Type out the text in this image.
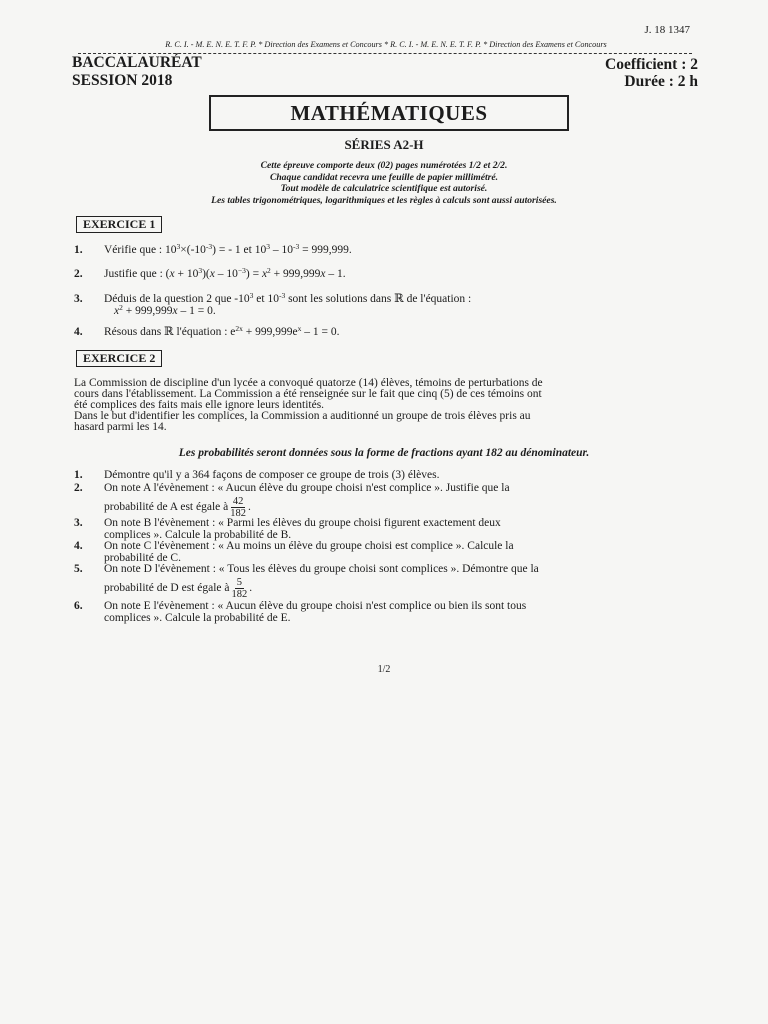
J. 18 1347
R. C. I. - M. E. N. E. T. F. P. * Direction des Examens et Concours * R. C. I. - M. E. N. E. T. F. P. * Direction des Examens et Concours
BACCALAURÉAT
SESSION 2018
Coefficient : 2
Durée : 2 h
MATHÉMATIQUES
SÉRIES A2-H
Cette épreuve comporte deux (02) pages numérotées 1/2 et 2/2.
Chaque candidat recevra une feuille de papier millimétré.
Tout modèle de calculatrice scientifique est autorisé.
Les tables trigonométriques, logarithmiques et les règles à calculs sont aussi autorisées.
EXERCICE 1
1. Vérifie que : $10^3\times(-10^{-3})$ = - 1 et $10^3 - 10^{-3} = 999,999$.
2. Justifie que : $(x + 10^3)(x - 10^{-3}) = x^2 + 999,999x - 1$.
3. Déduis de la question 2 que $-10^3$ et $10^{-3}$ sont les solutions dans ℝ de l'équation :
$x^2 + 999,999x - 1 = 0$.
4. Résous dans ℝ l'équation : $e^{2x} + 999,999e^x - 1 = 0$.
EXERCICE 2
La Commission de discipline d'un lycée a convoqué quatorze (14) élèves, témoins de perturbations de
cours dans l'établissement. La Commission a été renseignée sur le fait que cinq (5) de ces témoins ont
été complices des faits mais elle ignore leurs identités.
Dans le but d'identifier les complices, la Commission a auditionné un groupe de trois élèves pris au
hasard parmi les 14.
Les probabilités seront données sous la forme de fractions ayant 182 au dénominateur.
1. Démontre qu'il y a 364 façons de composer ce groupe de trois (3) élèves.
2. On note A l'évènement : « Aucun élève du groupe choisi n'est complice ». Justifie que la
probabilité de A est égale à $\frac{42}{182}$ .
3. On note B l'évènement : « Parmi les élèves du groupe choisi figurent exactement deux
complices ». Calcule la probabilité de B.
4. On note C l'évènement : « Au moins un élève du groupe choisi est complice ». Calcule la
probabilité de C.
5. On note D l'évènement : « Tous les élèves du groupe choisi sont complices ». Démontre que la
probabilité de D est égale à $\frac{5}{182}$ .
6. On note E l'évènement : « Aucun élève du groupe choisi n'est complice ou bien ils sont tous
complices ». Calcule la probabilité de E.
1/2
